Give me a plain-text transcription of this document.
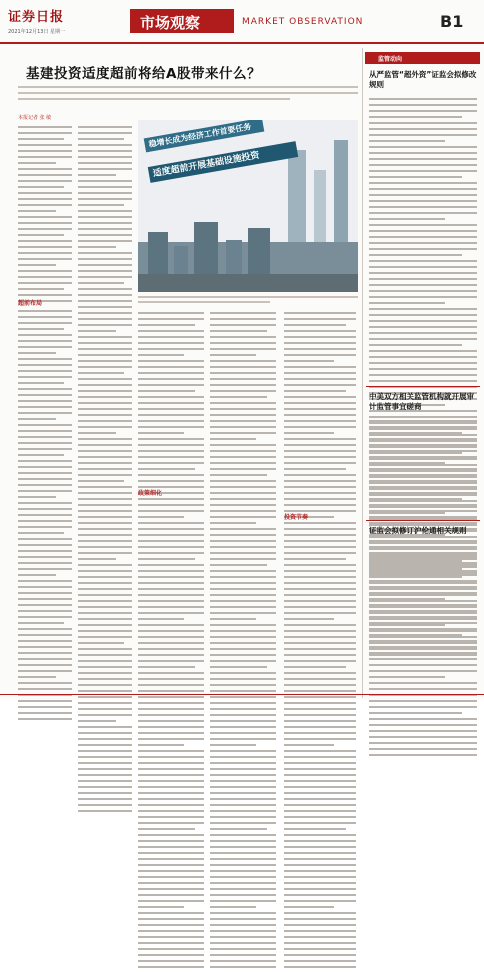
证券日报
2021年12月13日 星期一	市场观察	MARKET OBSERVATION	B1
基建投资适度超前将给A股带来什么？
本报记者 张 敏
超前布局
稳增长成为经济工作首要任务
适度超前开展基础设施投资
政策细化
投资节奏
监管动向
从严监管“超外资”证监会拟修改规则
中美双方相关监管机构就开展审计监管事宜磋商
证监会拟修订沪伦通相关规则
